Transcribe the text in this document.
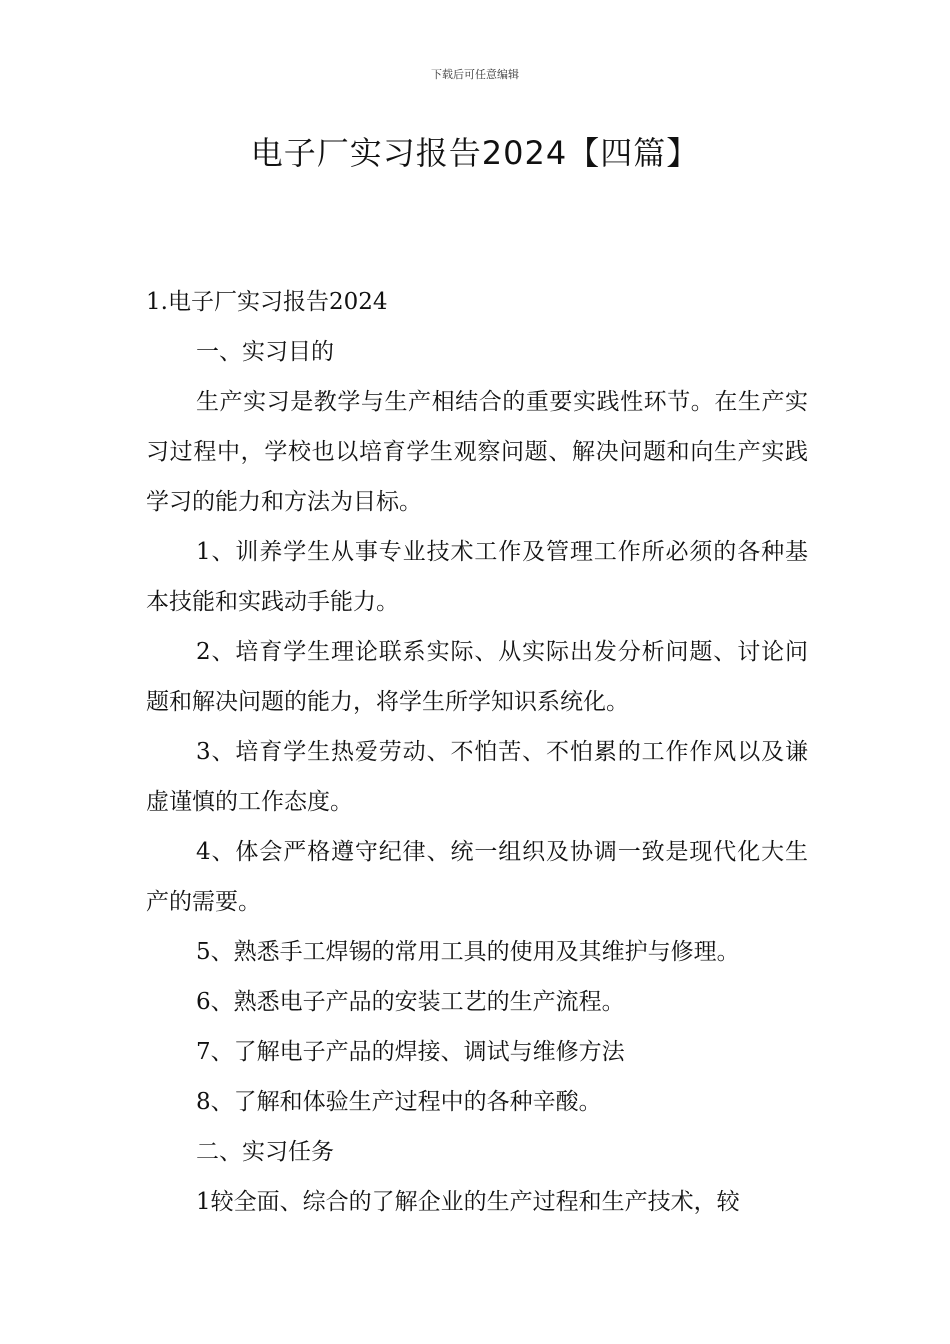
下载后可任意编辑
电子厂实习报告2024【四篇】

1.电子厂实习报告2024

一、实习目的

生产实习是教学与生产相结合的重要实践性环节。在生产实习过程中，学校也以培育学生观察问题、解决问题和向生产实践学习的能力和方法为目标。

1、训养学生从事专业技术工作及管理工作所必须的各种基本技能和实践动手能力。

2、培育学生理论联系实际、从实际出发分析问题、讨论问题和解决问题的能力，将学生所学知识系统化。

3、培育学生热爱劳动、不怕苦、不怕累的工作作风以及谦虚谨慎的工作态度。

4、体会严格遵守纪律、统一组织及协调一致是现代化大生产的需要。

5、熟悉手工焊锡的常用工具的使用及其维护与修理。

6、熟悉电子产品的安装工艺的生产流程。

7、了解电子产品的焊接、调试与维修方法

8、了解和体验生产过程中的各种辛酸。

二、实习任务

1较全面、综合的了解企业的生产过程和生产技术，较
